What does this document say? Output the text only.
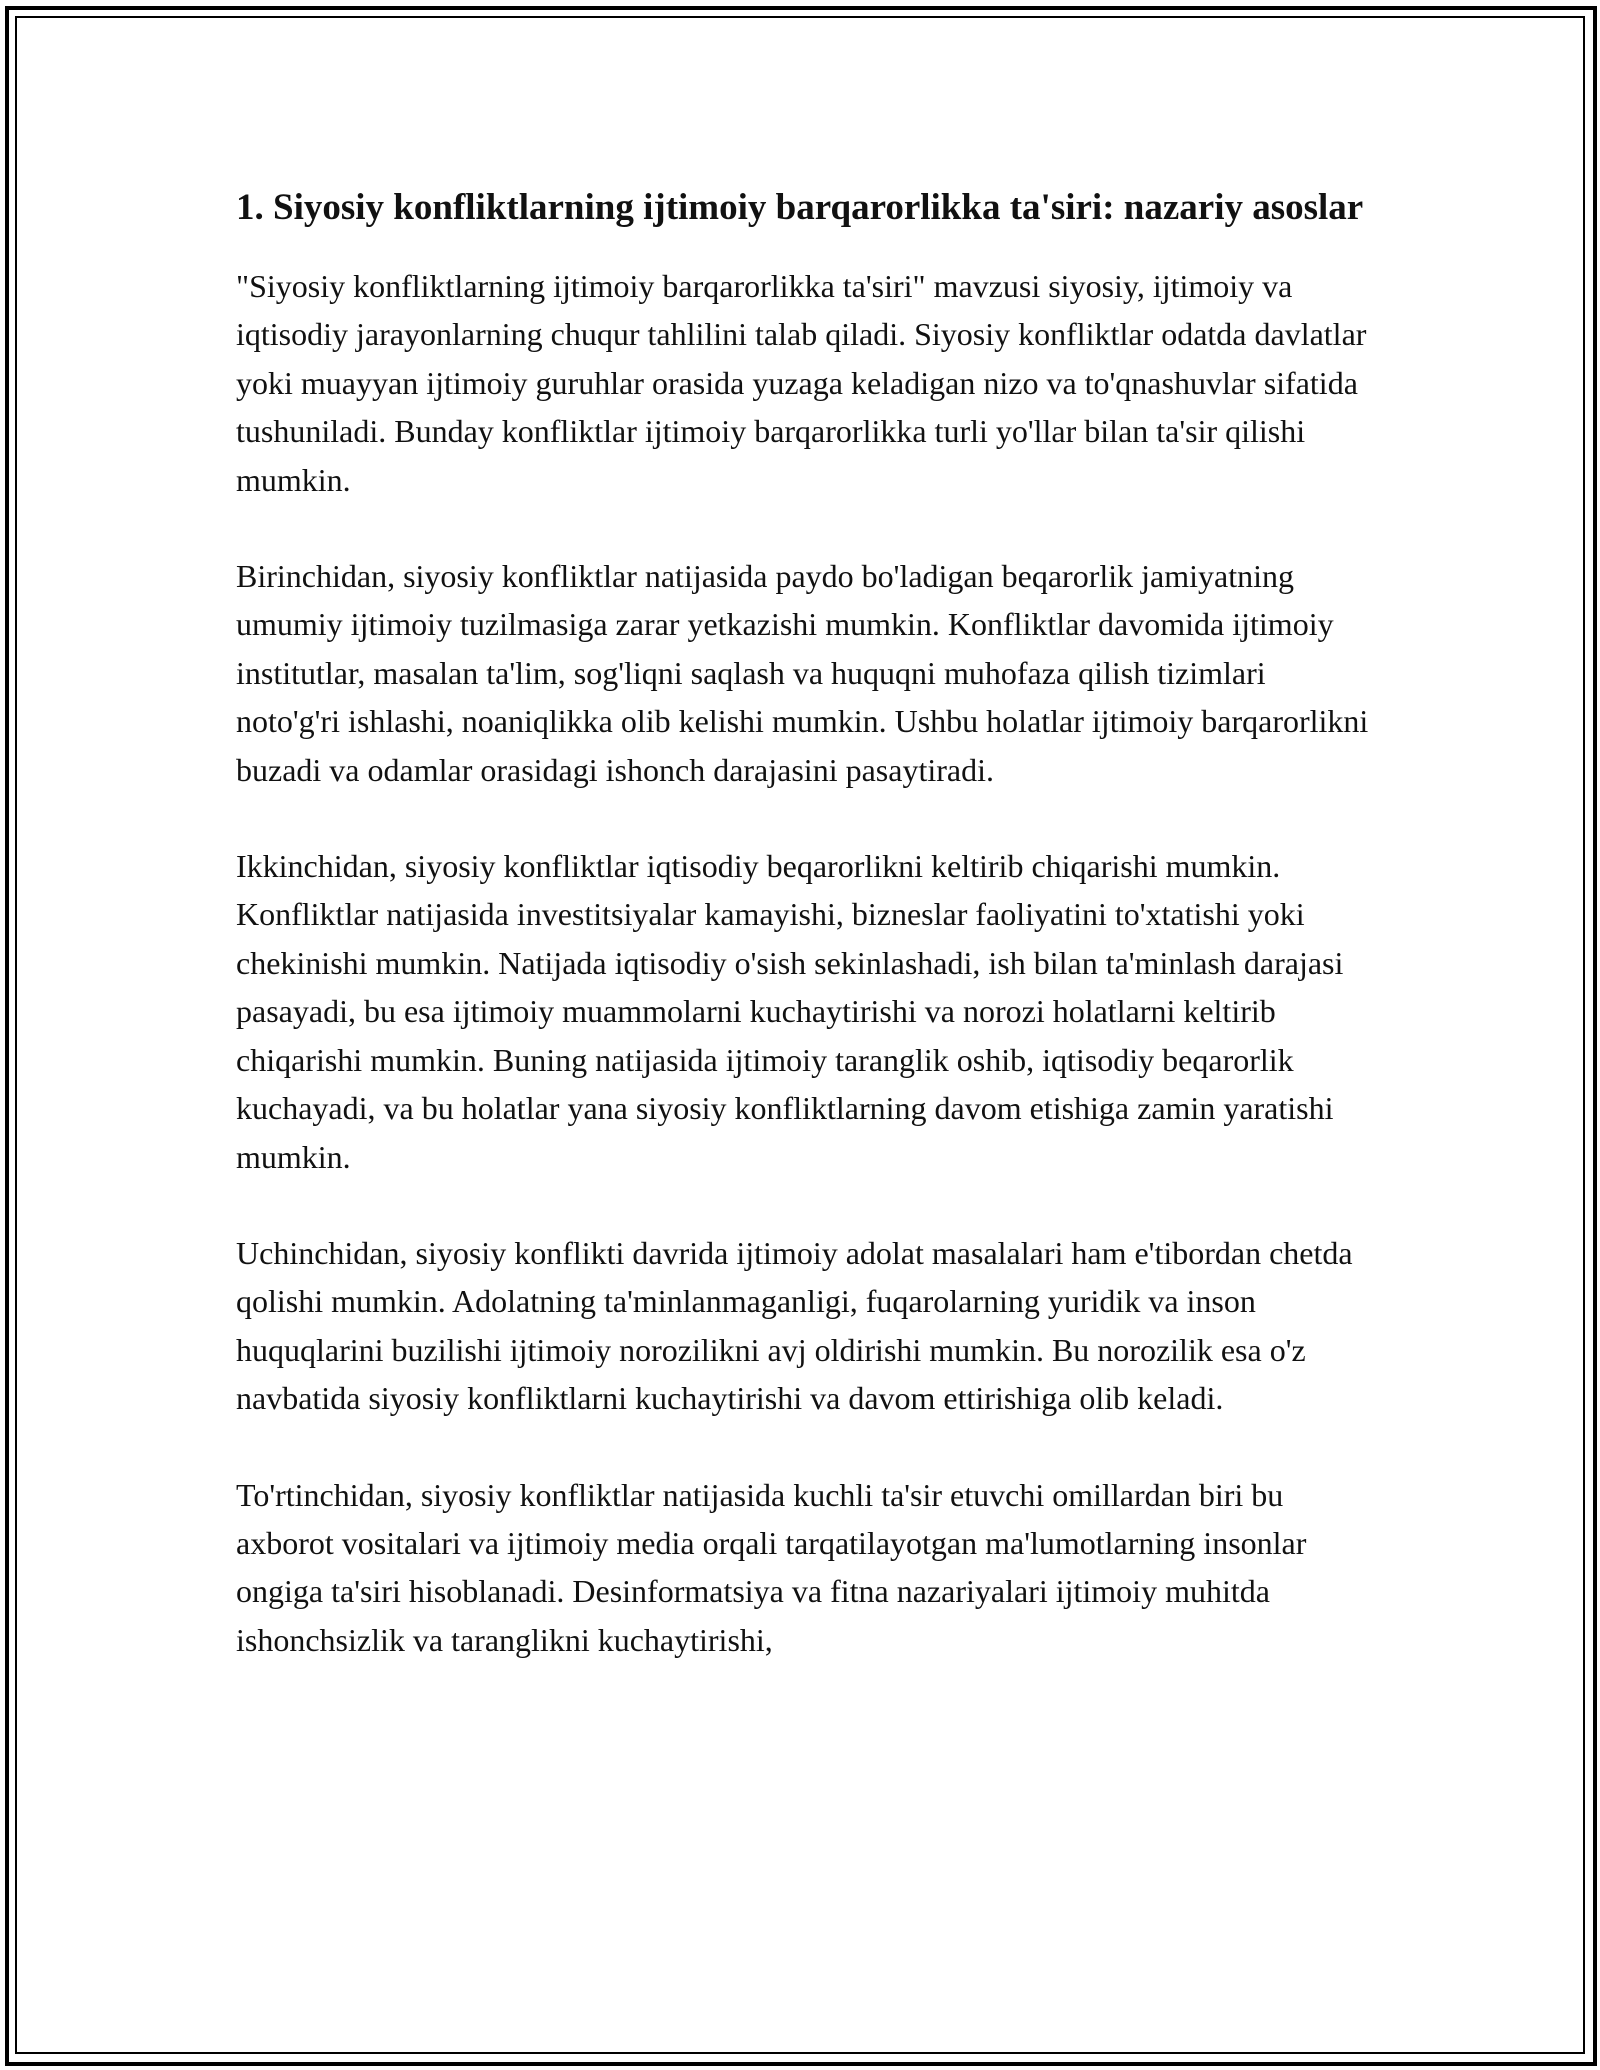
1. Siyosiy konfliktlarning ijtimoiy barqarorlikka ta'siri: nazariy asoslar

"Siyosiy konfliktlarning ijtimoiy barqarorlikka ta'siri" mavzusi siyosiy, ijtimoiy va iqtisodiy jarayonlarning chuqur tahlilini talab qiladi. Siyosiy konfliktlar odatda davlatlar yoki muayyan ijtimoiy guruhlar orasida yuzaga keladigan nizo va to'qnashuvlar sifatida tushuniladi. Bunday konfliktlar ijtimoiy barqarorlikka turli yo'llar bilan ta'sir qilishi mumkin.

Birinchidan, siyosiy konfliktlar natijasida paydo bo'ladigan beqarorlik jamiyatning umumiy ijtimoiy tuzilmasiga zarar yetkazishi mumkin. Konfliktlar davomida ijtimoiy institutlar, masalan ta'lim, sog'liqni saqlash va huquqni muhofaza qilish tizimlari noto'g'ri ishlashi, noaniqlikka olib kelishi mumkin. Ushbu holatlar ijtimoiy barqarorlikni buzadi va odamlar orasidagi ishonch darajasini pasaytiradi.

Ikkinchidan, siyosiy konfliktlar iqtisodiy beqarorlikni keltirib chiqarishi mumkin. Konfliktlar natijasida investitsiyalar kamayishi, bizneslar faoliyatini to'xtatishi yoki chekinishi mumkin. Natijada iqtisodiy o'sish sekinlashadi, ish bilan ta'minlash darajasi pasayadi, bu esa ijtimoiy muammolarni kuchaytirishi va norozi holatlarni keltirib chiqarishi mumkin. Buning natijasida ijtimoiy taranglik oshib, iqtisodiy beqarorlik kuchayadi, va bu holatlar yana siyosiy konfliktlarning davom etishiga zamin yaratishi mumkin.

Uchinchidan, siyosiy konflikti davrida ijtimoiy adolat masalalari ham e'tibordan chetda qolishi mumkin. Adolatning ta'minlanmaganligi, fuqarolarning yuridik va inson huquqlarini buzilishi ijtimoiy norozilikni avj oldirishi mumkin. Bu norozilik esa o'z navbatida siyosiy konfliktlarni kuchaytirishi va davom ettirishiga olib keladi.

To'rtinchidan, siyosiy konfliktlar natijasida kuchli ta'sir etuvchi omillardan biri bu axborot vositalari va ijtimoiy media orqali tarqatilayotgan ma'lumotlarning insonlar ongiga ta'siri hisoblanadi. Desinformatsiya va fitna nazariyalari ijtimoiy muhitda ishonchsizlik va taranglikni kuchaytirishi,
